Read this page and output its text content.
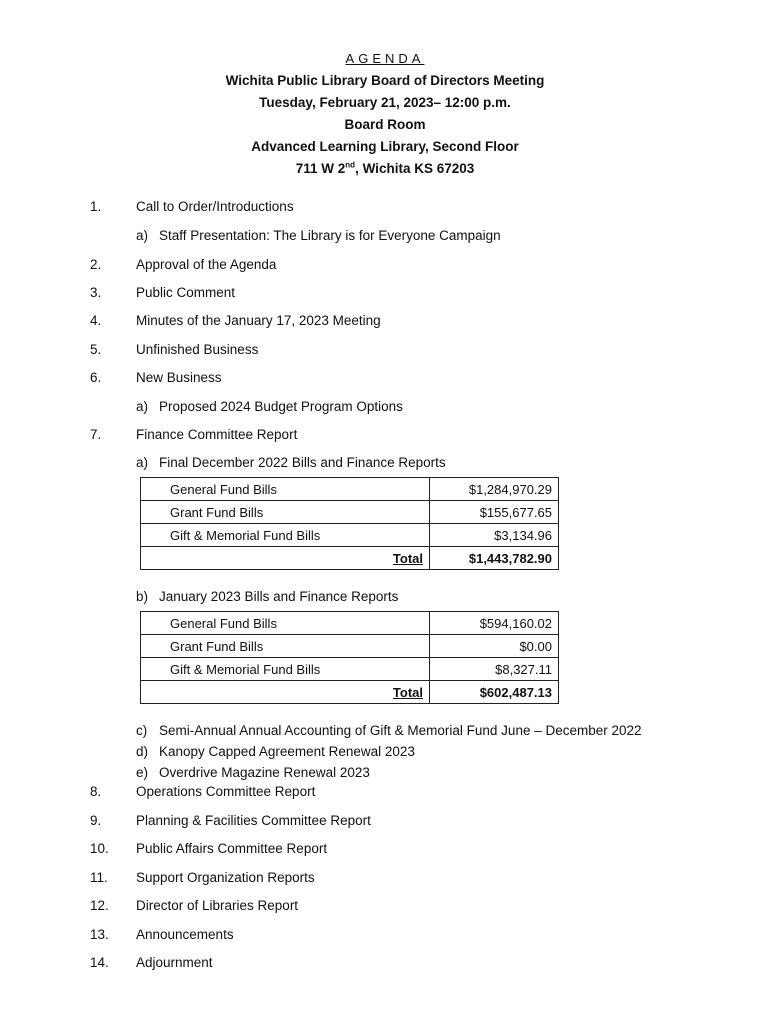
AGENDA
Wichita Public Library Board of Directors Meeting
Tuesday, February 21, 2023– 12:00 p.m.
Board Room
Advanced Learning Library, Second Floor
711 W 2nd, Wichita KS 67203
1.	Call to Order/Introductions
a) Staff Presentation: The Library is for Everyone Campaign
2.	Approval of the Agenda
3.	Public Comment
4.	Minutes of the January 17, 2023 Meeting
5.	Unfinished Business
6.	New Business
a) Proposed 2024 Budget Program Options
7.	Finance Committee Report
a) Final December 2022 Bills and Finance Reports
General Fund Bills	$1,284,970.29
Grant Fund Bills	$155,677.65
Gift & Memorial Fund Bills	$3,134.96
Total	$1,443,782.90
b) January 2023 Bills and Finance Reports
General Fund Bills	$594,160.02
Grant Fund Bills	$0.00
Gift & Memorial Fund Bills	$8,327.11
Total	$602,487.13
c) Semi-Annual Annual Accounting of Gift & Memorial Fund June – December 2022
d) Kanopy Capped Agreement Renewal 2023
e) Overdrive Magazine Renewal 2023
8.	Operations Committee Report
9.	Planning & Facilities Committee Report
10. Public Affairs Committee Report
11. Support Organization Reports
12. Director of Libraries Report
13. Announcements
14. Adjournment
